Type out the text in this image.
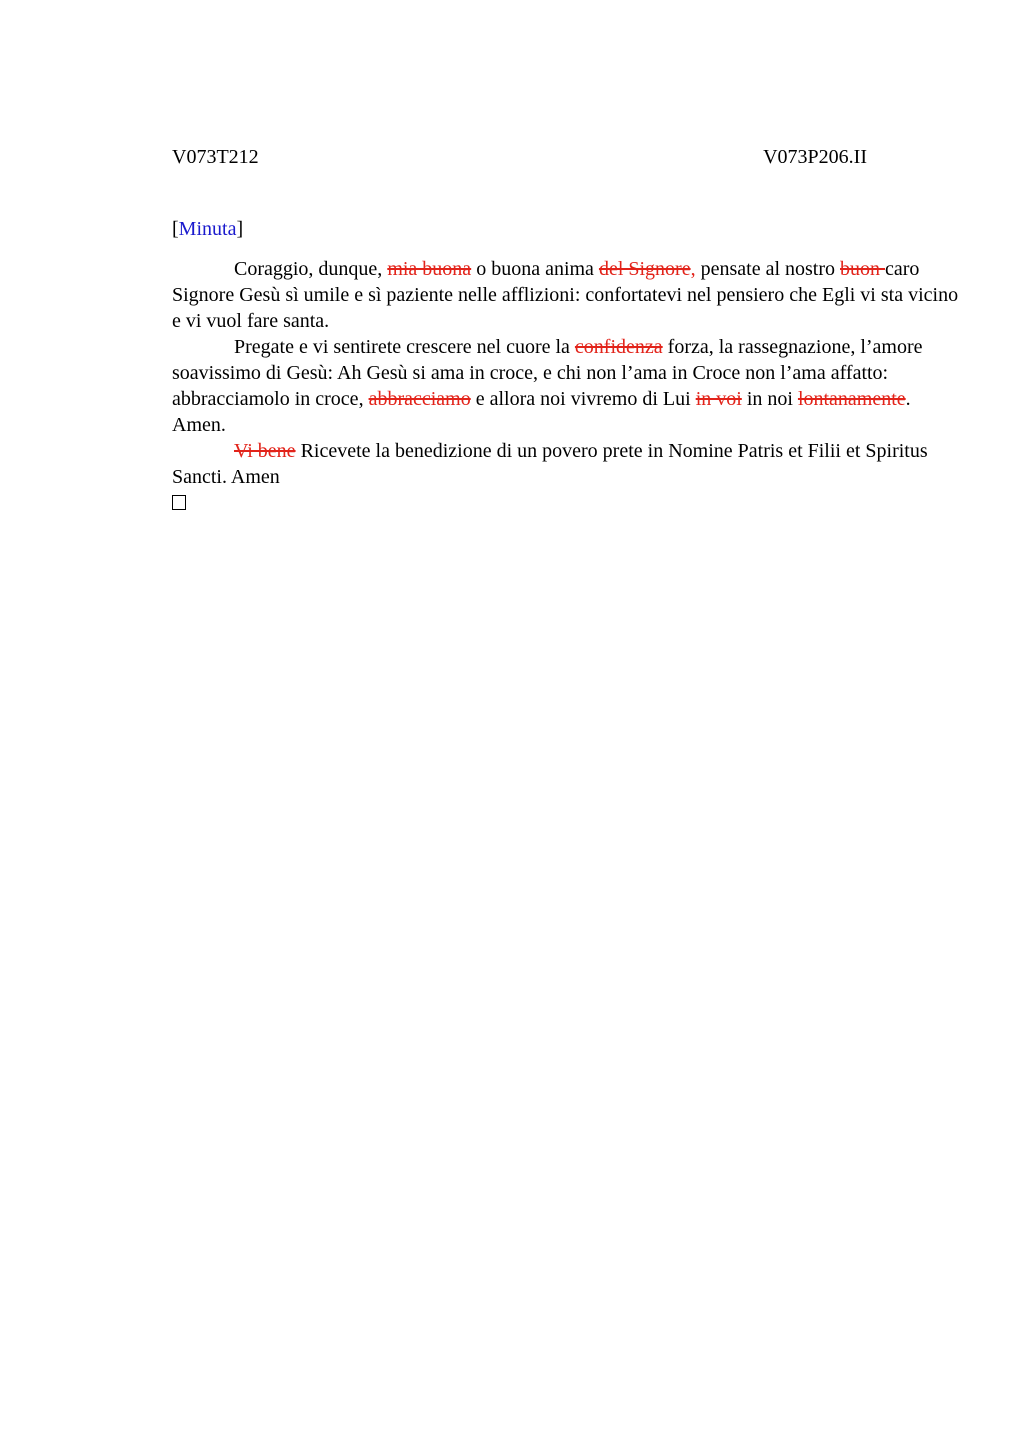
V073T212	V073P206.II
[Minuta]

Coraggio, dunque, mia buona o buona anima del Signore, pensate al nostro buon caro Signore Gesù sì umile e sì paziente nelle afflizioni: confortatevi nel pensiero che Egli vi sta vicino e vi vuol fare santa.

Pregate e vi sentirete crescere nel cuore la confidenza forza, la rassegnazione, l’amore soavissimo di Gesù: Ah Gesù si ama in croce, e chi non l’ama in Croce non l’ama affatto: abbracciamolo in croce, abbracciamo e allora noi vivremo di Lui in voi in noi lontanamente. Amen.

Vi bene Ricevete la benedizione di un povero prete in Nomine Patris et Filii et Spiritus Sancti. Amen
